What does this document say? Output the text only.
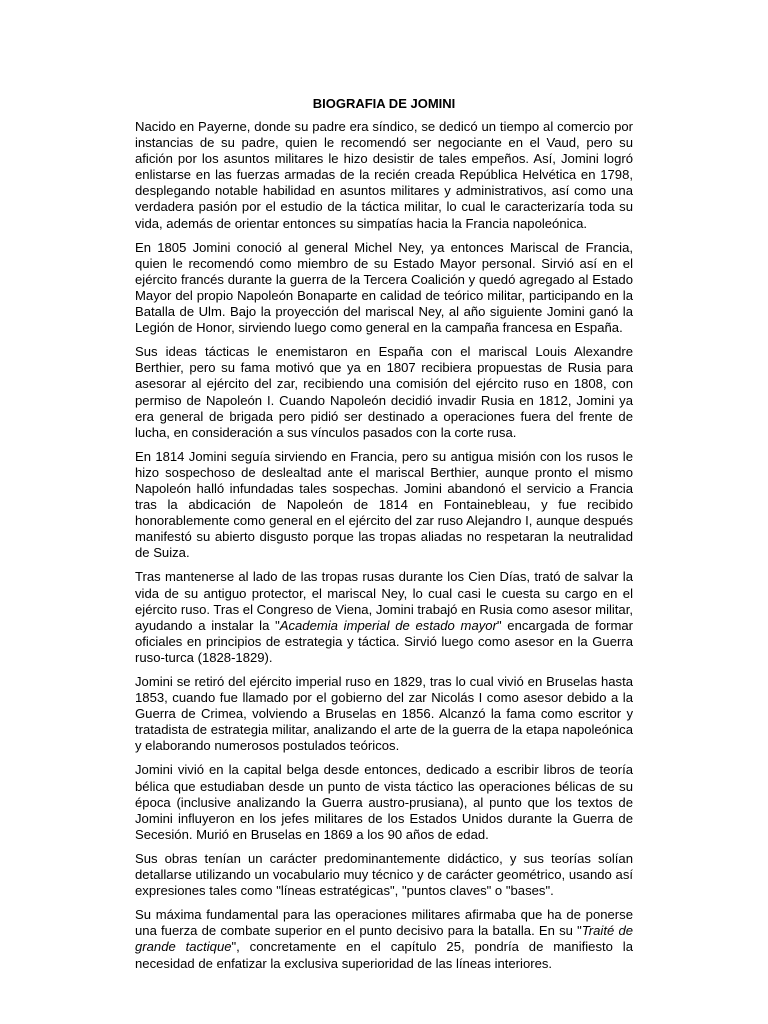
BIOGRAFIA DE JOMINI

Nacido en Payerne, donde su padre era síndico, se dedicó un tiempo al comercio por instancias de su padre, quien le recomendó ser negociante en el Vaud, pero su afición por los asuntos militares le hizo desistir de tales empeños. Así, Jomini logró enlistarse en las fuerzas armadas de la recién creada República Helvética en 1798, desplegando notable habilidad en asuntos militares y administrativos, así como una verdadera pasión por el estudio de la táctica militar, lo cual le caracterizaría toda su vida, además de orientar entonces su simpatías hacia la Francia napoleónica.

En 1805 Jomini conoció al general Michel Ney, ya entonces Mariscal de Francia, quien le recomendó como miembro de su Estado Mayor personal. Sirvió así en el ejército francés durante la guerra de la Tercera Coalición y quedó agregado al Estado Mayor del propio Napoleón Bonaparte en calidad de teórico militar, participando en la Batalla de Ulm. Bajo la proyección del mariscal Ney, al año siguiente Jomini ganó la Legión de Honor, sirviendo luego como general en la campaña francesa en España.

Sus ideas tácticas le enemistaron en España con el mariscal Louis Alexandre Berthier, pero su fama motivó que ya en 1807 recibiera propuestas de Rusia para asesorar al ejército del zar, recibiendo una comisión del ejército ruso en 1808, con permiso de Napoleón I. Cuando Napoleón decidió invadir Rusia en 1812, Jomini ya era general de brigada pero pidió ser destinado a operaciones fuera del frente de lucha, en consideración a sus vínculos pasados con la corte rusa.

En 1814 Jomini seguía sirviendo en Francia, pero su antigua misión con los rusos le hizo sospechoso de deslealtad ante el mariscal Berthier, aunque pronto el mismo Napoleón halló infundadas tales sospechas. Jomini abandonó el servicio a Francia tras la abdicación de Napoleón de 1814 en Fontainebleau, y fue recibido honorablemente como general en el ejército del zar ruso Alejandro I, aunque después manifestó su abierto disgusto porque las tropas aliadas no respetaran la neutralidad de Suiza.

Tras mantenerse al lado de las tropas rusas durante los Cien Días, trató de salvar la vida de su antiguo protector, el mariscal Ney, lo cual casi le cuesta su cargo en el ejército ruso. Tras el Congreso de Viena, Jomini trabajó en Rusia como asesor militar, ayudando a instalar la "Academia imperial de estado mayor" encargada de formar oficiales en principios de estrategia y táctica. Sirvió luego como asesor en la Guerra ruso-turca (1828-1829).

Jomini se retiró del ejército imperial ruso en 1829, tras lo cual vivió en Bruselas hasta 1853, cuando fue llamado por el gobierno del zar Nicolás I como asesor debido a la Guerra de Crimea, volviendo a Bruselas en 1856. Alcanzó la fama como escritor y tratadista de estrategia militar, analizando el arte de la guerra de la etapa napoleónica y elaborando numerosos postulados teóricos.

Jomini vivió en la capital belga desde entonces, dedicado a escribir libros de teoría bélica que estudiaban desde un punto de vista táctico las operaciones bélicas de su época (inclusive analizando la Guerra austro-prusiana), al punto que los textos de Jomini influyeron en los jefes militares de los Estados Unidos durante la Guerra de Secesión. Murió en Bruselas en 1869 a los 90 años de edad.

Sus obras tenían un carácter predominantemente didáctico, y sus teorías solían detallarse utilizando un vocabulario muy técnico y de carácter geométrico, usando así expresiones tales como "líneas estratégicas", "puntos claves" o "bases".

Su máxima fundamental para las operaciones militares afirmaba que ha de ponerse una fuerza de combate superior en el punto decisivo para la batalla. En su "Traité de grande tactique", concretamente en el capítulo 25, pondría de manifiesto la necesidad de enfatizar la exclusiva superioridad de las líneas interiores.
